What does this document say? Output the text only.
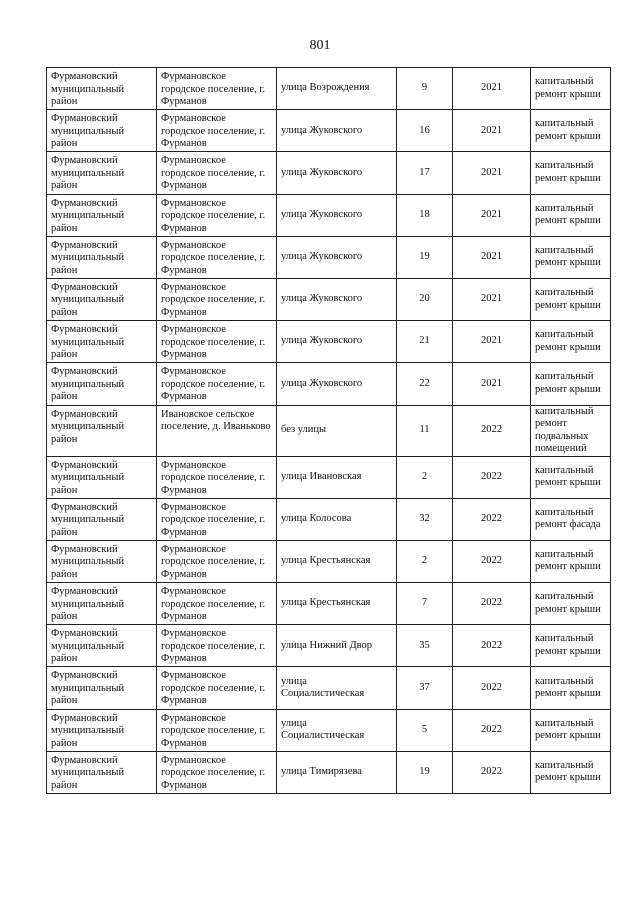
801
Фурмановский муниципальный район	Фурмановское городское поселение, г. Фурманов	улица Возрождения	9	2021	капитальный ремонт крыши
Фурмановский муниципальный район	Фурмановское городское поселение, г. Фурманов	улица Жуковского	16	2021	капитальный ремонт крыши
Фурмановский муниципальный район	Фурмановское городское поселение, г. Фурманов	улица Жуковского	17	2021	капитальный ремонт крыши
Фурмановский муниципальный район	Фурмановское городское поселение, г. Фурманов	улица Жуковского	18	2021	капитальный ремонт крыши
Фурмановский муниципальный район	Фурмановское городское поселение, г. Фурманов	улица Жуковского	19	2021	капитальный ремонт крыши
Фурмановский муниципальный район	Фурмановское городское поселение, г. Фурманов	улица Жуковского	20	2021	капитальный ремонт крыши
Фурмановский муниципальный район	Фурмановское городское поселение, г. Фурманов	улица Жуковского	21	2021	капитальный ремонт крыши
Фурмановский муниципальный район	Фурмановское городское поселение, г. Фурманов	улица Жуковского	22	2021	капитальный ремонт крыши
Фурмановский муниципальный район	Ивановское сельское поселение, д. Иваньково	без улицы	11	2022	капитальный ремонт подвальных помещений
Фурмановский муниципальный район	Фурмановское городское поселение, г. Фурманов	улица Ивановская	2	2022	капитальный ремонт крыши
Фурмановский муниципальный район	Фурмановское городское поселение, г. Фурманов	улица Колосова	32	2022	капитальный ремонт фасада
Фурмановский муниципальный район	Фурмановское городское поселение, г. Фурманов	улица Крестьянская	2	2022	капитальный ремонт крыши
Фурмановский муниципальный район	Фурмановское городское поселение, г. Фурманов	улица Крестьянская	7	2022	капитальный ремонт крыши
Фурмановский муниципальный район	Фурмановское городское поселение, г. Фурманов	улица Нижний Двор	35	2022	капитальный ремонт крыши
Фурмановский муниципальный район	Фурмановское городское поселение, г. Фурманов	улица Социалистическая	37	2022	капитальный ремонт крыши
Фурмановский муниципальный район	Фурмановское городское поселение, г. Фурманов	улица Социалистическая	5	2022	капитальный ремонт крыши
Фурмановский муниципальный район	Фурмановское городское поселение, г. Фурманов	улица Тимирязева	19	2022	капитальный ремонт крыши
